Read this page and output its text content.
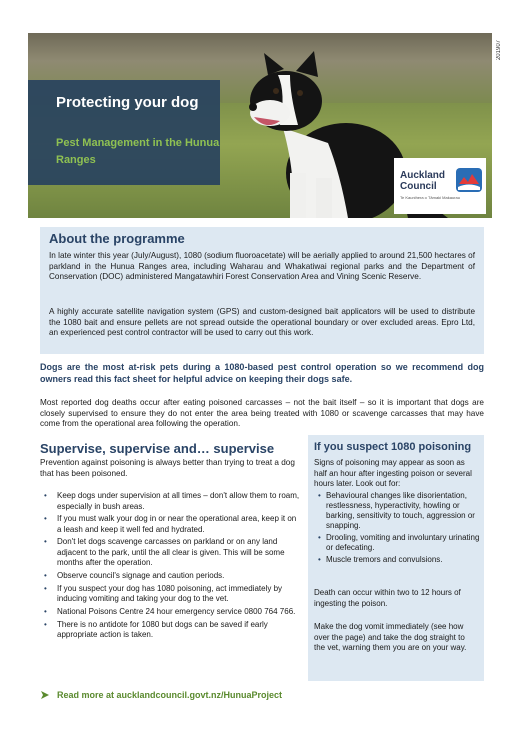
201907
Protecting your dog
Pest Management in the Hunua Ranges
Auckland
Council
Te Kaunihera o Tāmaki Makaurau
About the programme

In late winter this year (July/August), 1080 (sodium fluoroacetate) will be aerially applied to around 21,500 hectares of parkland in the Hunua Ranges area, including Waharau and Whakatiwai regional parks and the Department of Conservation (DOC) administered Mangatawhiri Forest Conservation Area and Vining Scenic Reserve.

A highly accurate satellite navigation system (GPS) and custom-designed bait applicators will be used to distribute the 1080 bait and ensure pellets are not spread outside the operational boundary or over excluded areas. Epro Ltd, an experienced pest control contractor will be used to carry out this work.

Dogs are the most at-risk pets during a 1080-based pest control operation so we recommend dog owners read this fact sheet for helpful advice on keeping their dogs safe.

Most reported dog deaths occur after eating poisoned carcasses – not the bait itself – so it is important that dogs are closely supervised to ensure they do not enter the area being treated with 1080 or scavenge carcasses that may have come from the operational area following the operation.

Supervise, supervise and… supervise

Prevention against poisoning is always better than trying to treat a dog that has been poisoned.

• Keep dogs under supervision at all times – don't allow them to roam, especially in bush areas.
• If you must walk your dog in or near the operational area, keep it on a leash and keep it well fed and hydrated.
• Don't let dogs scavenge carcasses on parkland or on any land adjacent to the park, until the all clear is given. This will be some months after the operation.
• Observe council's signage and caution periods.
• If you suspect your dog has 1080 poisoning, act immediately by inducing vomiting and taking your dog to the vet.
• National Poisons Centre 24 hour emergency service 0800 764 766.
• There is no antidote for 1080 but dogs can be saved if early appropriate action is taken.
If you suspect 1080 poisoning

Signs of poisoning may appear as soon as half an hour after ingesting poison or several hours later. Look out for:

• Behavioural changes like disorientation, restlessness, hyperactivity, howling or barking, sensitivity to touch, aggression or snapping.
• Drooling, vomiting and involuntary urinating or defecating.
• Muscle tremors and convulsions.

Death can occur within two to 12 hours of ingesting the poison.

Make the dog vomit immediately (see how over the page) and take the dog straight to the vet, warning them you are on your way.

Read more at aucklandcouncil.govt.nz/HunuaProject
